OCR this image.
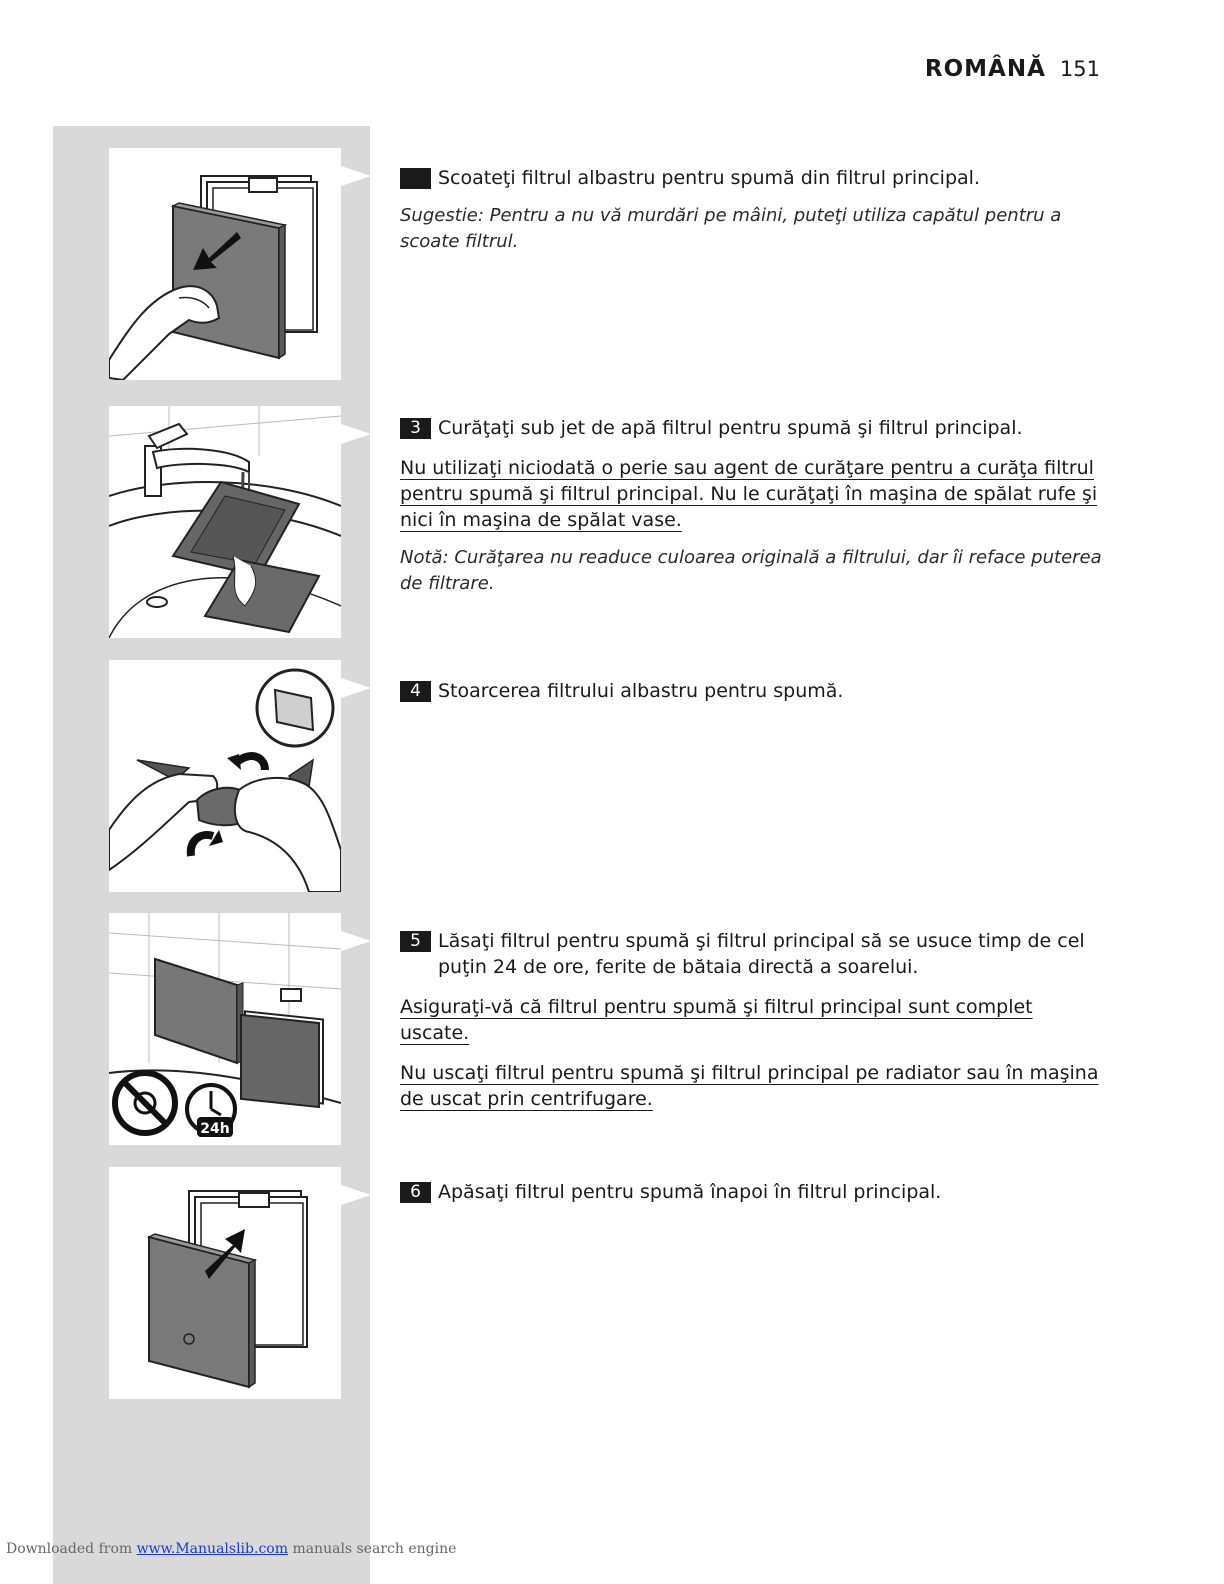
ROMÂNĂ 151
Scoateţi filtrul albastru pentru spumă din filtrul principal.
Sugestie: Pentru a nu vă murdări pe mâini, puteţi utiliza capătul pentru a scoate filtrul.
3 Curăţaţi sub jet de apă filtrul pentru spumă şi filtrul principal.
Nu utilizaţi niciodată o perie sau agent de curăţare pentru a curăţa filtrul pentru spumă şi filtrul principal. Nu le curăţaţi în maşina de spălat rufe şi nici în maşina de spălat vase.
Notă: Curăţarea nu readuce culoarea originală a filtrului, dar îi reface puterea de filtrare.
4 Stoarcerea filtrului albastru pentru spumă.
24h
5 Lăsaţi filtrul pentru spumă şi filtrul principal să se usuce timp de cel puţin 24 de ore, ferite de bătaia directă a soarelui.
Asiguraţi-vă că filtrul pentru spumă şi filtrul principal sunt complet uscate.
Nu uscaţi filtrul pentru spumă şi filtrul principal pe radiator sau în maşina de uscat prin centrifugare.
6 Apăsaţi filtrul pentru spumă înapoi în filtrul principal.
Downloaded from www.Manualslib.com manuals search engine
